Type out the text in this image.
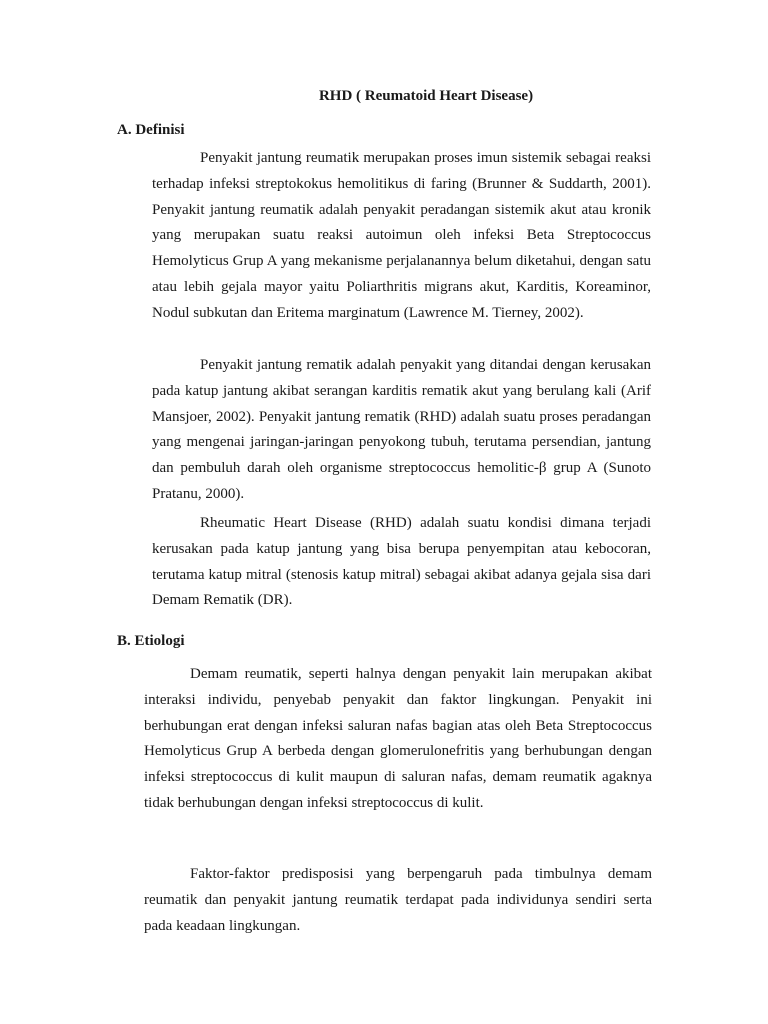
RHD ( Reumatoid Heart Disease)
A. Definisi

Penyakit jantung reumatik merupakan proses imun sistemik sebagai reaksi terhadap infeksi streptokokus hemolitikus di faring (Brunner & Suddarth, 2001). Penyakit jantung reumatik adalah penyakit peradangan sistemik akut atau kronik yang merupakan suatu reaksi autoimun oleh infeksi Beta Streptococcus Hemolyticus Grup A yang mekanisme perjalanannya belum diketahui, dengan satu atau lebih gejala mayor yaitu Poliarthritis migrans akut, Karditis, Koreaminor, Nodul subkutan dan Eritema marginatum (Lawrence M. Tierney, 2002).

Penyakit jantung rematik adalah penyakit yang ditandai dengan kerusakan pada katup jantung akibat serangan karditis rematik akut yang berulang kali (Arif Mansjoer, 2002). Penyakit jantung rematik (RHD) adalah suatu proses peradangan yang mengenai jaringan-jaringan penyokong tubuh, terutama persendian, jantung dan pembuluh darah oleh organisme streptococcus hemolitic-β grup A (Sunoto Pratanu, 2000).

Rheumatic Heart Disease (RHD) adalah suatu kondisi dimana terjadi kerusakan pada katup jantung yang bisa berupa penyempitan atau kebocoran, terutama katup mitral (stenosis katup mitral) sebagai akibat adanya gejala sisa dari Demam Rematik (DR).

B. Etiologi

Demam reumatik, seperti halnya dengan penyakit lain merupakan akibat interaksi individu, penyebab penyakit dan faktor lingkungan. Penyakit ini berhubungan erat dengan infeksi saluran nafas bagian atas oleh Beta Streptococcus Hemolyticus Grup A berbeda dengan glomerulonefritis yang berhubungan dengan infeksi streptococcus di kulit maupun di saluran nafas, demam reumatik agaknya tidak berhubungan dengan infeksi streptococcus di kulit.

Faktor-faktor predisposisi yang berpengaruh pada timbulnya demam reumatik dan penyakit jantung reumatik terdapat pada individunya sendiri serta pada keadaan lingkungan.
